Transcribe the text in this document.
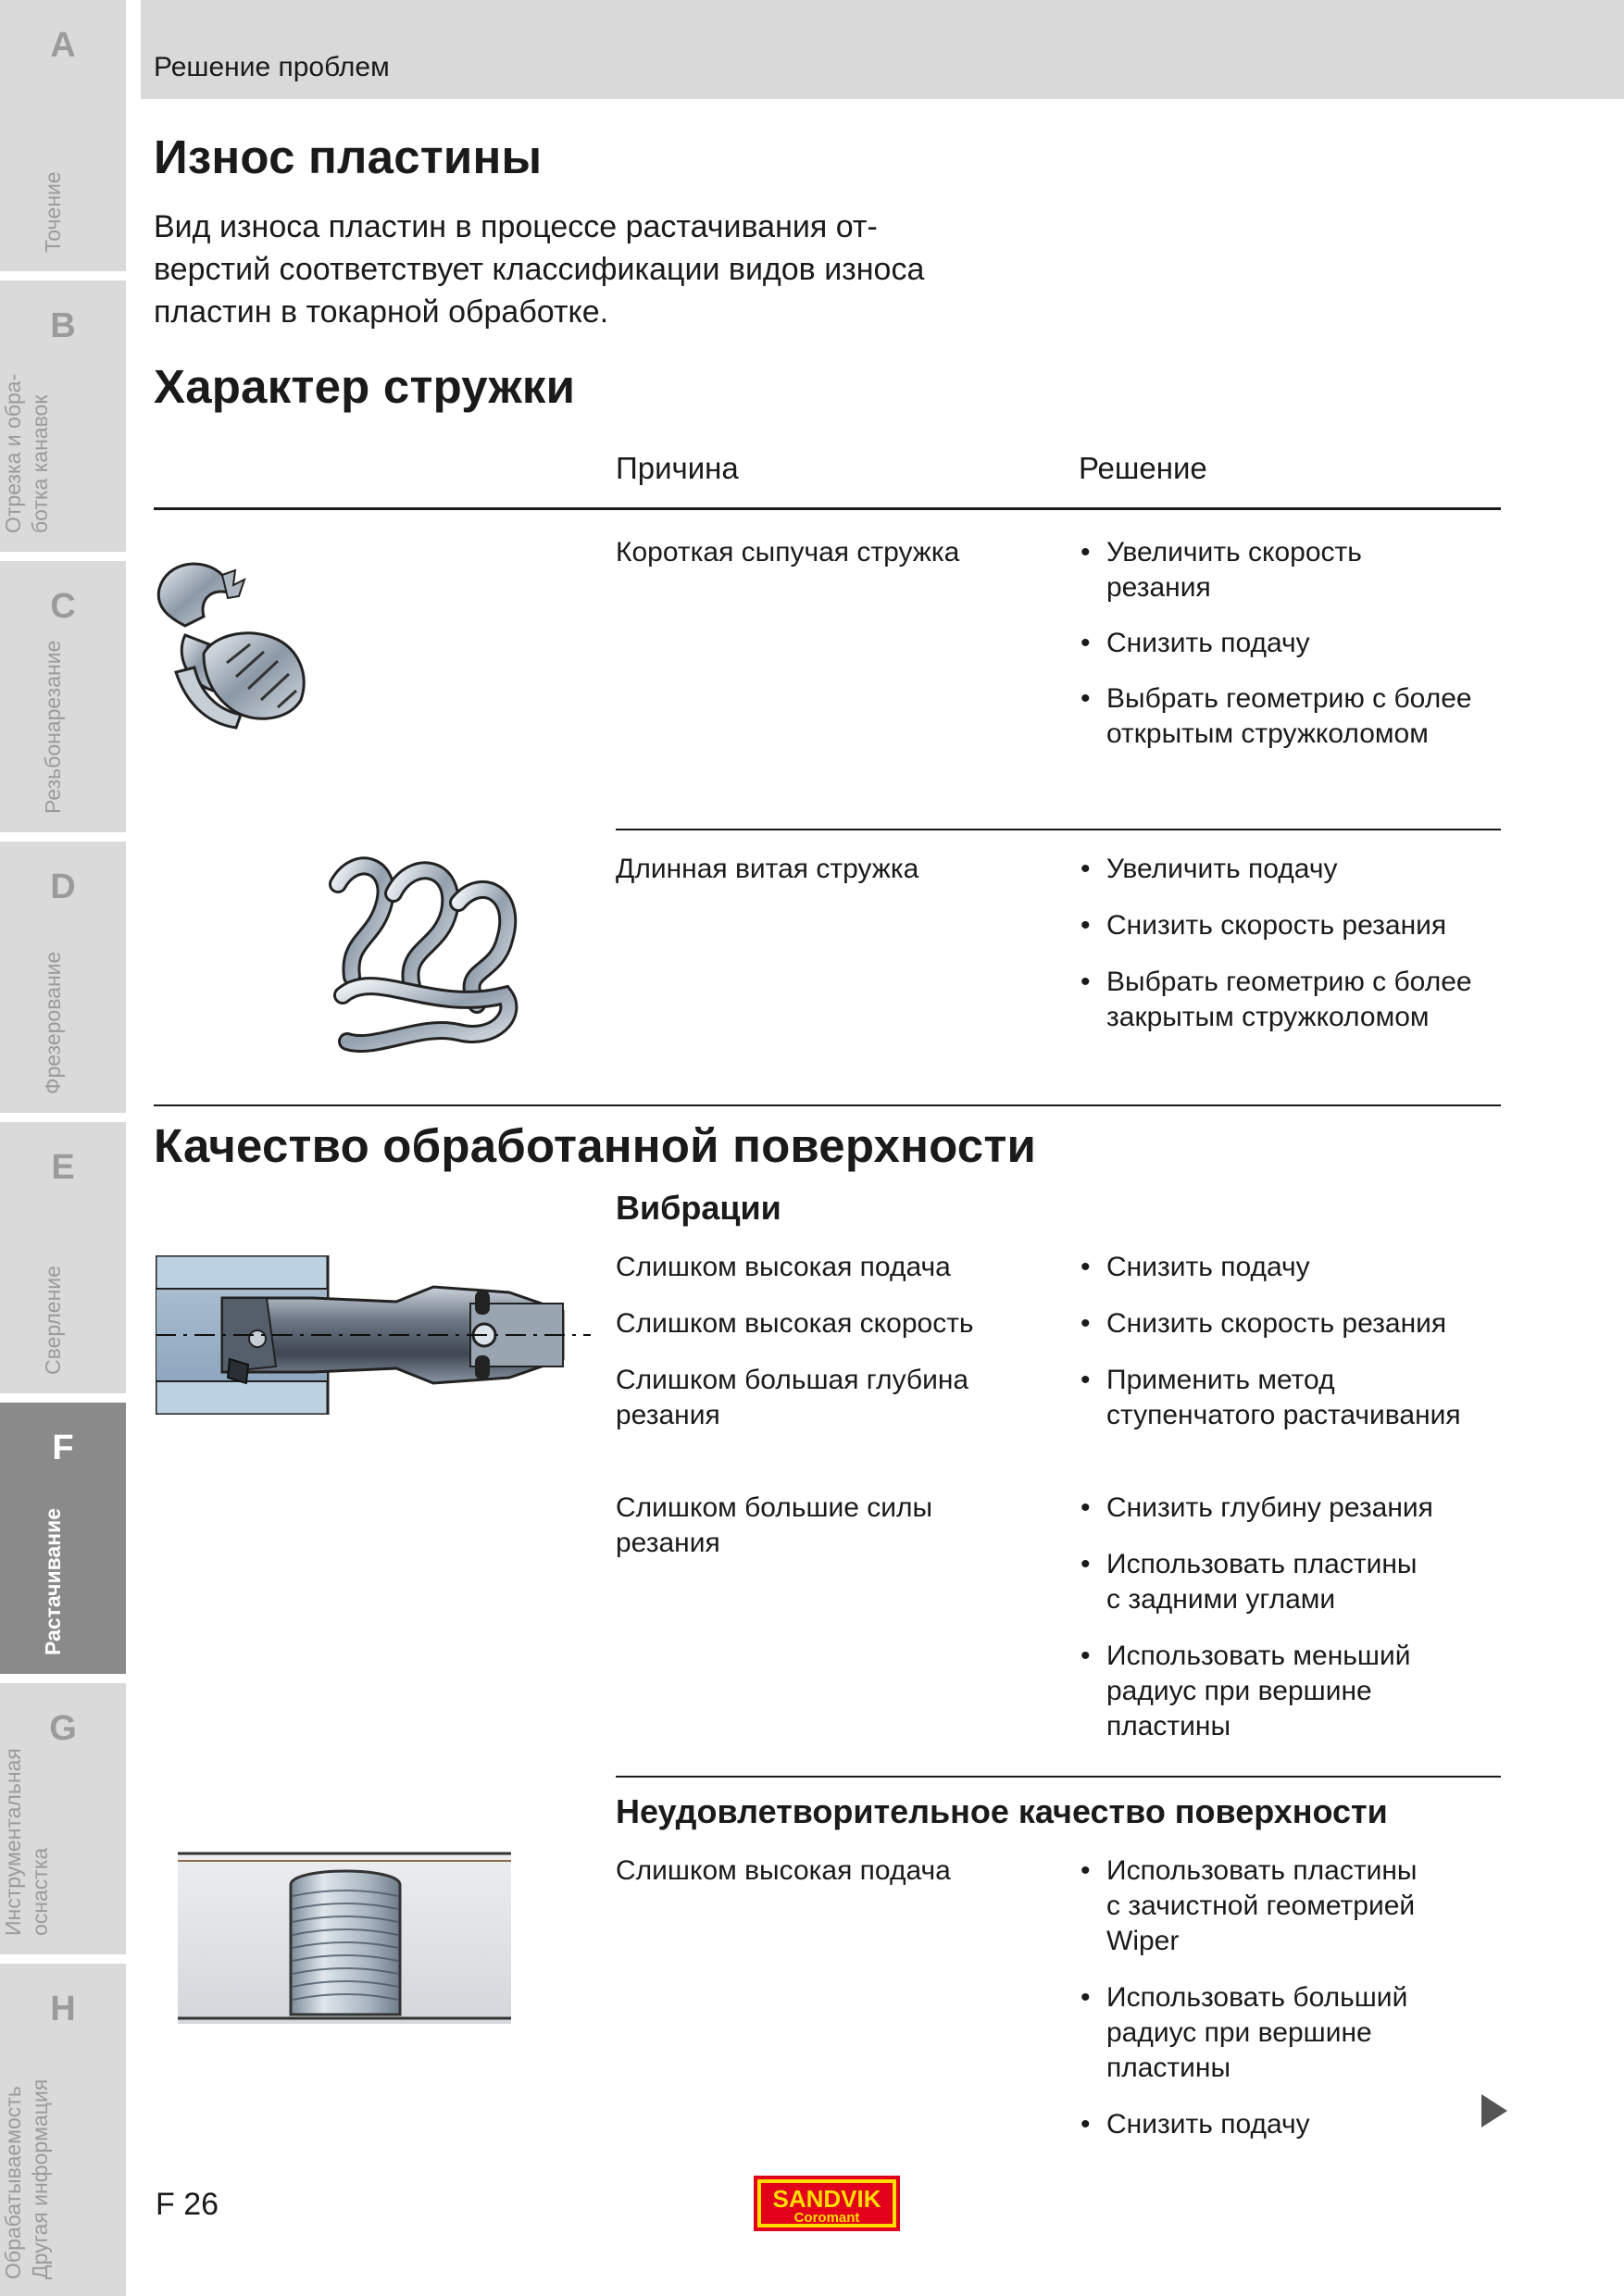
A
Точение
B
Отрезка и обра-
ботка канавок
C
Резьбонарезание
D
Фрезерование
E
Сверление
F
Растачивание
G
Инструментальная
оснастка
H
Обрабатываемость
Другая информация
Решение проблем
Износ пластины
Вид износа пластин в процессе растачивания от-
верстий соответствует классификации видов износа
пластин в токарной обработке.
Характер стружки
Причина	Решение
Короткая сыпучая стружка	• Увеличить скорость
резания
• Снизить подачу
• Выбрать геометрию с более
открытым стружколомом
Длинная витая стружка	• Увеличить подачу
• Снизить скорость резания
• Выбрать геометрию с более
закрытым стружколомом
Качество обработанной поверхности
Вибрации
Слишком высокая подача	• Снизить подачу
Слишком высокая скорость	• Снизить скорость резания
Слишком большая глубина
резания
• Применить метод
ступенчатого растачивания
Слишком большие силы
резания
• Снизить глубину резания
• Использовать пластины
с задними углами
• Использовать меньший
радиус при вершине
пластины
Неудовлетворительное качество поверхности
Слишком высокая подача	• Использовать пластины
с зачистной геометрией
Wiper
• Использовать больший
радиус при вершине
пластины
• Снизить подачу
F 26	SANDVIK
Coromant
